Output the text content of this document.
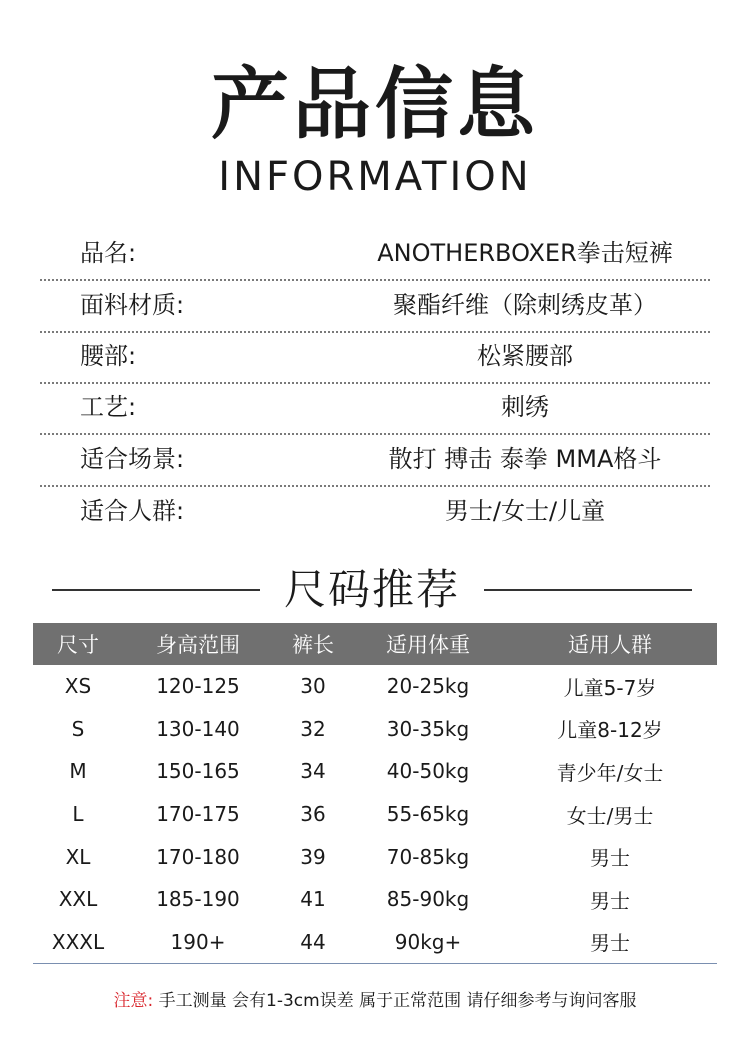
产品信息
INFORMATION
品名:	ANOTHERBOXER拳击短裤
面料材质:	聚酯纤维（除刺绣皮革）
腰部:	松紧腰部
工艺:	刺绣
适合场景:	散打 搏击 泰拳 MMA格斗
适合人群:	男士/女士/儿童
尺码推荐
尺寸	身高范围	裤长	适用体重	适用人群
XS	120-125	30	20-25kg	儿童5-7岁
S	130-140	32	30-35kg	儿童8-12岁
M	150-165	34	40-50kg	青少年/女士
L	170-175	36	55-65kg	女士/男士
XL	170-180	39	70-85kg	男士
XXL	185-190	41	85-90kg	男士
XXXL	190+	44	90kg+	男士
注意: 手工测量 会有1-3cm误差 属于正常范围 请仔细参考与询问客服
